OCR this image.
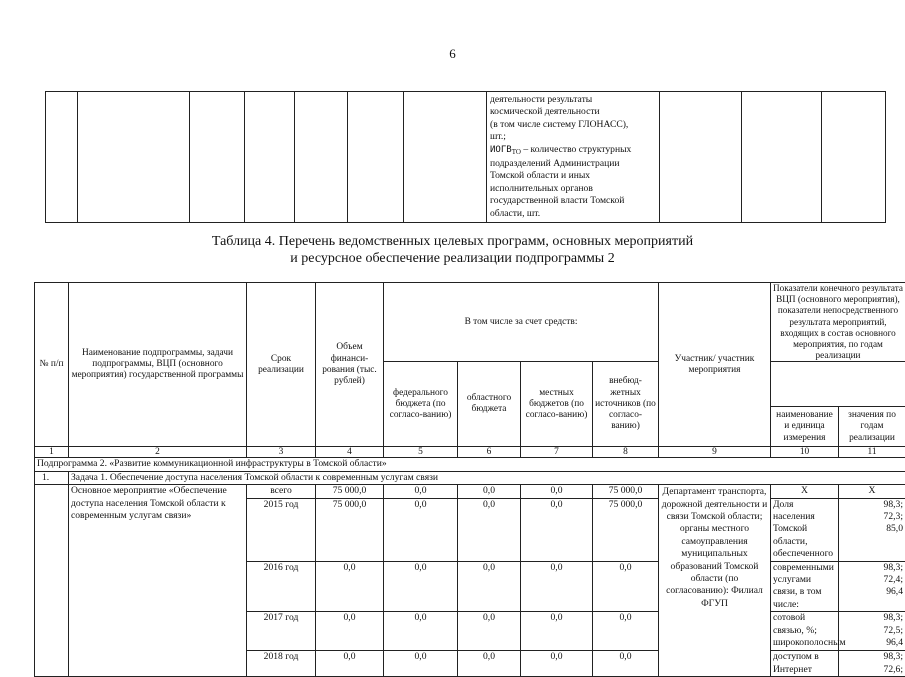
6

деятельности результаты
космической деятельности
(в том числе систему ГЛОНАСС),
шт.;
$ИОГВ_{ТО}$ – количество структурных подразделений Администрации Томской области и иных исполнительных органов государственной власти Томской области, шт.

Таблица 4. Перечень ведомственных целевых программ, основных мероприятий
и ресурсное обеспечение реализации подпрограммы 2
№ п/п	Наименование подпрограммы, задачи подпрограммы, ВЦП (основного мероприятия) государственной программы	Срок реализации	Объем финанси-рования (тыс. рублей)	В том числе за счет средств:				Участник/ участник мероприятия	Показатели конечного результата ВЦП (основного мероприятия), показатели непосредственного результата мероприятий, входящих в состав основного мероприятия, по годам реализации	
				федерального бюджета (по согласо-ванию)	областного бюджета	местных бюджетов (по согласо-ванию)	внебюд-жетных источников (по согласо-ванию)			
									наименование и единица измерения	значения по годам реализации
1	2	3	4	5	6	7	8	9	10	11
Подпрограмма 2. «Развитие коммуникационной инфраструктуры в Томской области»										
1.	Задача 1. Обеспечение доступа населения Томской области к современным услугам связи									
	Основное мероприятие «Обеспечение доступа населения Томской области к современным услугам связи»	всего	75 000,0	0,0	0,0	0,0	75 000,0	Департамент транспорта, дорожной деятельности и связи Томской области; органы местного самоуправления муниципальных образований Томской области (по согласованию): Филиал ФГУП	Х	Х
		2015 год	75 000,0	0,0	0,0	0,0	75 000,0		Доля населения Томской области, обеспеченного	98,3; 72,3; 85,0
		2016 год	0,0	0,0	0,0	0,0	0,0		современными услугами связи, в том числе:	98,3; 72,4; 96,4
		2017 год	0,0	0,0	0,0	0,0	0,0		сотовой связью, %; широкополосным	98,3; 72,5; 96,4
		2018 год	0,0	0,0	0,0	0,0	0,0		доступом в Интернет	98,3; 72,6;
